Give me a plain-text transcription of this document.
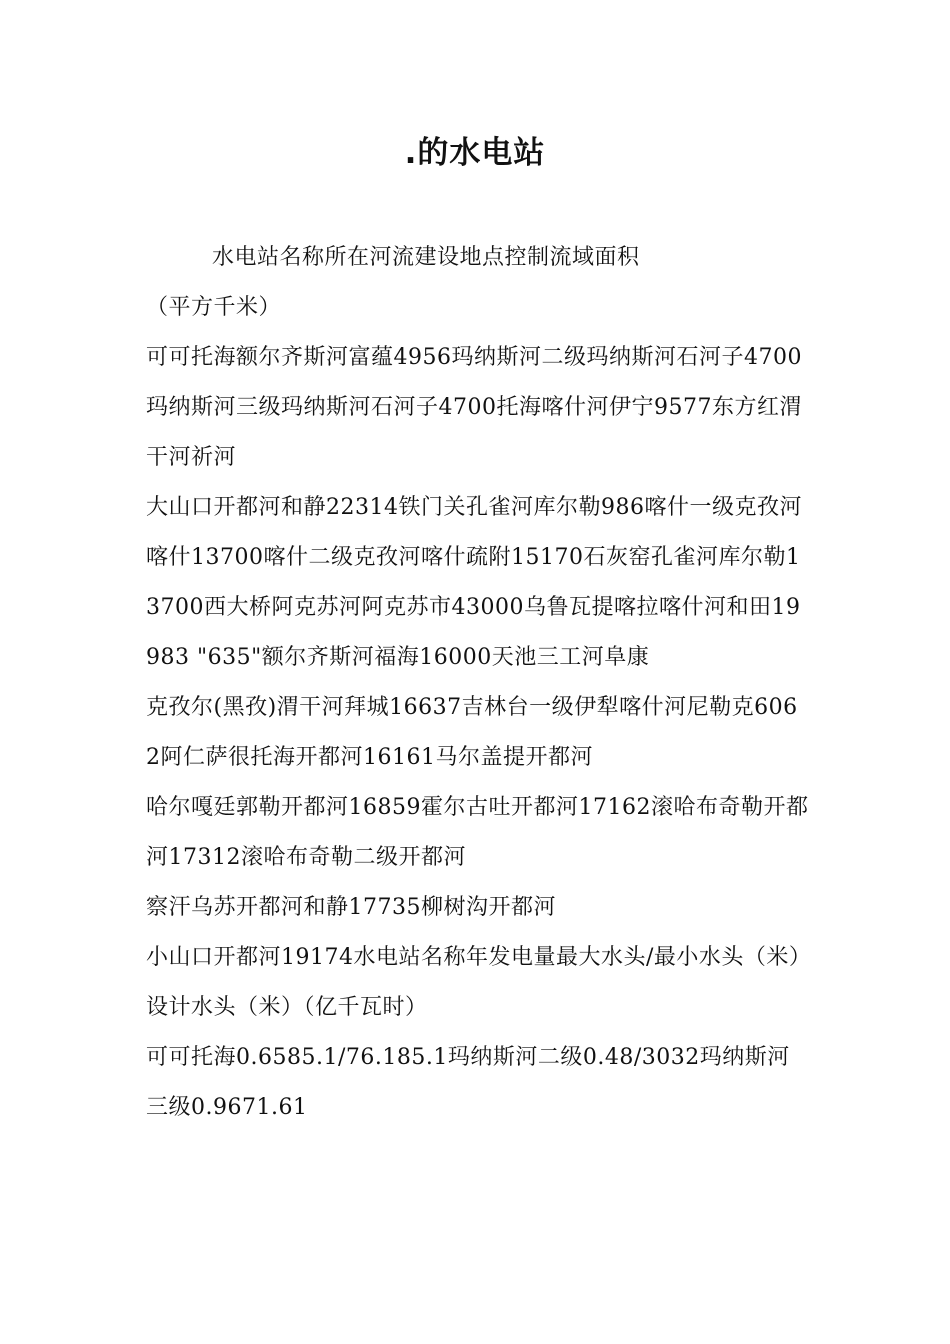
.的水电站

水电站名称所在河流建设地点控制流域面积

（平方千米）

可可托海额尔齐斯河富蕴4956玛纳斯河二级玛纳斯河石河子4700玛纳斯河三级玛纳斯河石河子4700托海喀什河伊宁9577东方红渭干河祈河

大山口开都河和静22314铁门关孔雀河库尔勒986喀什一级克孜河喀什13700喀什二级克孜河喀什疏附15170石灰窑孔雀河库尔勒13700西大桥阿克苏河阿克苏市43000乌鲁瓦提喀拉喀什河和田19983 "635"额尔齐斯河福海16000天池三工河阜康

克孜尔(黑孜)渭干河拜城16637吉林台一级伊犁喀什河尼勒克6062阿仁萨很托海开都河16161马尔盖提开都河

哈尔嘎廷郭勒开都河16859霍尔古吐开都河17162滚哈布奇勒开都河17312滚哈布奇勒二级开都河

察汗乌苏开都河和静17735柳树沟开都河

小山口开都河19174水电站名称年发电量最大水头/最小水头（米）设计水头（米）（亿千瓦时）

可可托海0.6585.1/76.185.1玛纳斯河二级0.48/3032玛纳斯河三级0.9671.61
